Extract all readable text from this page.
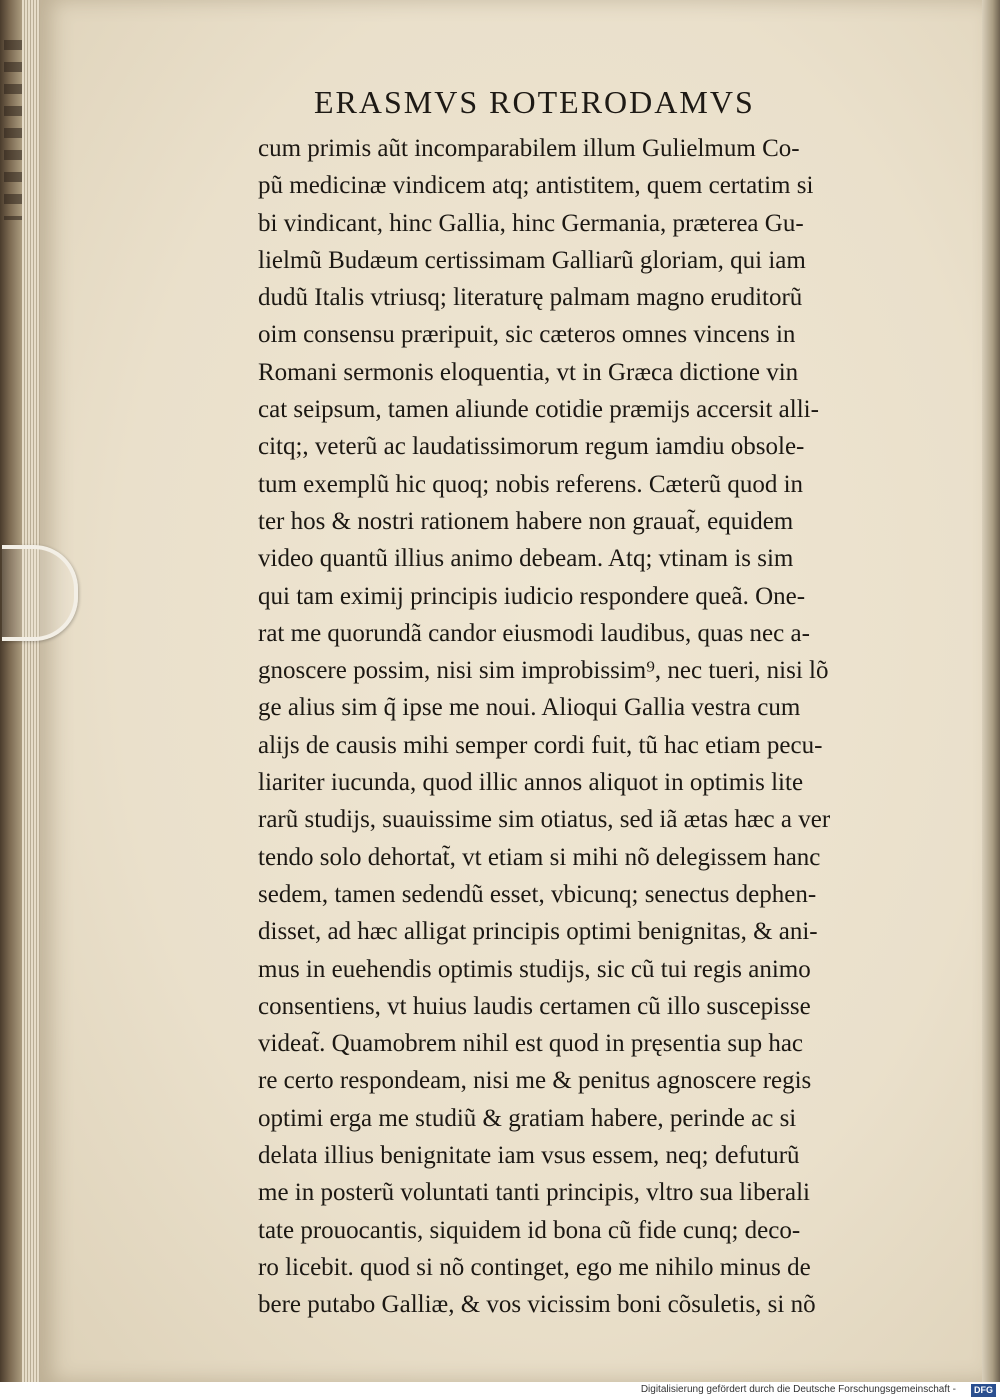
ERASMVS ROTERODAMVS
cum primis aũt incomparabilem illum Gulielmum Co-
pũ medicinæ vindicem atq; antistitem, quem certatim si
bi vindicant, hinc Gallia, hinc Germania, præterea Gu-
lielmũ Budæum certissimam Galliarũ gloriam, qui iam
dudũ Italis vtriusq; literaturę palmam magno eruditorũ
oim consensu præripuit, sic cæteros omnes vincens in
Romani sermonis eloquentia, vt in Græca dictione vin
cat seipsum, tamen aliunde cotidie præmijs accersit alli-
citq;, veterũ ac laudatissimorum regum iamdiu obsole-
tum exemplũ hic quoq; nobis referens. Cæterũ quod in
ter hos & nostri rationem habere non grauat̃, equidem
video quantũ illius animo debeam. Atq; vtinam is sim
qui tam eximij principis iudicio respondere queã. One-
rat me quorundã candor eiusmodi laudibus, quas nec a-
gnoscere possim, nisi sim improbissim⁹, nec tueri, nisi lõ
ge alius sim q̃ ipse me noui. Alioqui Gallia vestra cum
alijs de causis mihi semper cordi fuit, tũ hac etiam pecu-
liariter iucunda, quod illic annos aliquot in optimis lite
rarũ studijs, suauissime sim otiatus, sed iã ætas hæc a ver
tendo solo dehortat̃, vt etiam si mihi nõ delegissem hanc
sedem, tamen sedendũ esset, vbicunq; senectus dephen-
disset, ad hæc alligat principis optimi benignitas, & ani-
mus in euehendis optimis studijs, sic cũ tui regis animo
consentiens, vt huius laudis certamen cũ illo suscepisse
videat̃. Quamobrem nihil est quod in pręsentia sup hac
re certo respondeam, nisi me & penitus agnoscere regis
optimi erga me studiũ & gratiam habere, perinde ac si
delata illius benignitate iam vsus essem, neq; defuturũ
me in posterũ voluntati tanti principis, vltro sua liberali
tate prouocantis, siquidem id bona cũ fide cunq; deco-
ro licebit. quod si nõ continget, ego me nihilo minus de
bere putabo Galliæ, & vos vicissim boni cõsuletis, si nõ
Digitalisierung gefördert durch die Deutsche Forschungsgemeinschaft -	DFG
